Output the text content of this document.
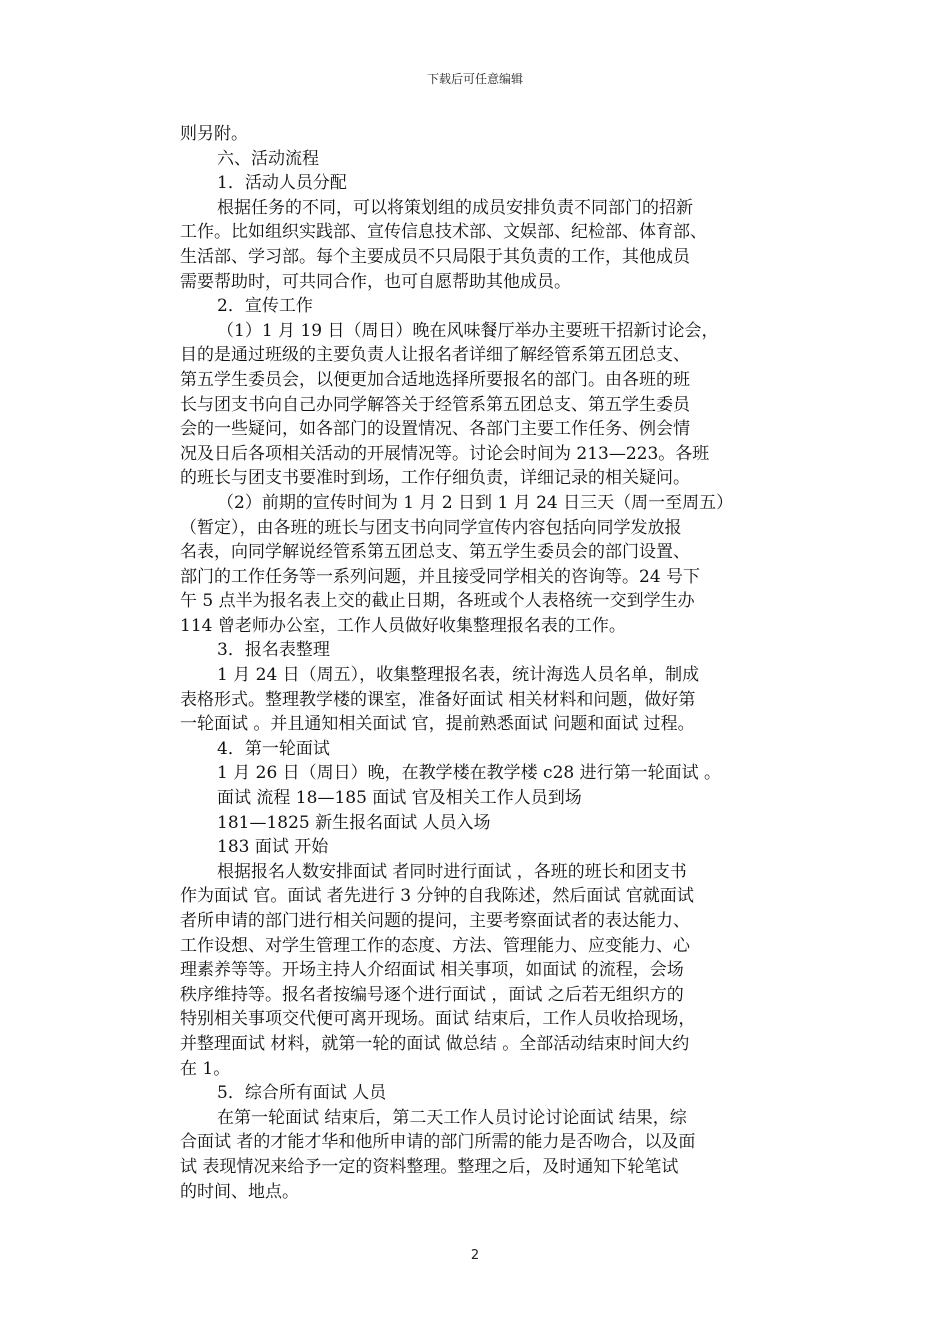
下载后可任意编辑
则另附。
六、活动流程
1．活动人员分配
根据任务的不同，可以将策划组的成员安排负责不同部门的招新
工作。比如组织实践部、宣传信息技术部、文娱部、纪检部、体育部、
生活部、学习部。每个主要成员不只局限于其负责的工作，其他成员
需要帮助时，可共同合作，也可自愿帮助其他成员。
2．宣传工作
（1）1 月 19 日（周日）晚在风味餐厅举办主要班干招新讨论会，
目的是通过班级的主要负责人让报名者详细了解经管系第五团总支、
第五学生委员会，以便更加合适地选择所要报名的部门。由各班的班
长与团支书向自己办同学解答关于经管系第五团总支、第五学生委员
会的一些疑问，如各部门的设置情况、各部门主要工作任务、例会情
况及日后各项相关活动的开展情况等。讨论会时间为 213—223。各班
的班长与团支书要准时到场，工作仔细负责，详细记录的相关疑问。
（2）前期的宣传时间为 1 月 2 日到 1 月 24 日三天（周一至周五）
（暂定），由各班的班长与团支书向同学宣传内容包括向同学发放报
名表，向同学解说经管系第五团总支、第五学生委员会的部门设置、
部门的工作任务等一系列问题，并且接受同学相关的咨询等。24 号下
午 5 点半为报名表上交的截止日期，各班或个人表格统一交到学生办
114 曾老师办公室，工作人员做好收集整理报名表的工作。
3．报名表整理
1 月 24 日（周五），收集整理报名表，统计海选人员名单，制成
表格形式。整理教学楼的课室，准备好面试 相关材料和问题，做好第
一轮面试 。并且通知相关面试 官，提前熟悉面试 问题和面试 过程。
4．第一轮面试
1 月 26 日（周日）晚，在教学楼在教学楼 c28 进行第一轮面试 。
面试 流程 18—185 面试 官及相关工作人员到场
181—1825 新生报名面试 人员入场
183 面试 开始
根据报名人数安排面试 者同时进行面试 ，各班的班长和团支书
作为面试 官。面试 者先进行 3 分钟的自我陈述，然后面试 官就面试
者所申请的部门进行相关问题的提问，主要考察面试者的表达能力、
工作设想、对学生管理工作的态度、方法、管理能力、应变能力、心
理素养等等。开场主持人介绍面试 相关事项，如面试 的流程，会场
秩序维持等。报名者按编号逐个进行面试 ，面试 之后若无组织方的
特别相关事项交代便可离开现场。面试 结束后，工作人员收拾现场，
并整理面试 材料，就第一轮的面试 做总结 。全部活动结束时间大约
在 1。
5．综合所有面试 人员
在第一轮面试 结束后，第二天工作人员讨论讨论面试 结果，综
合面试 者的才能才华和他所申请的部门所需的能力是否吻合，以及面
试 表现情况来给予一定的资料整理。整理之后，及时通知下轮笔试
的时间、地点。
2
